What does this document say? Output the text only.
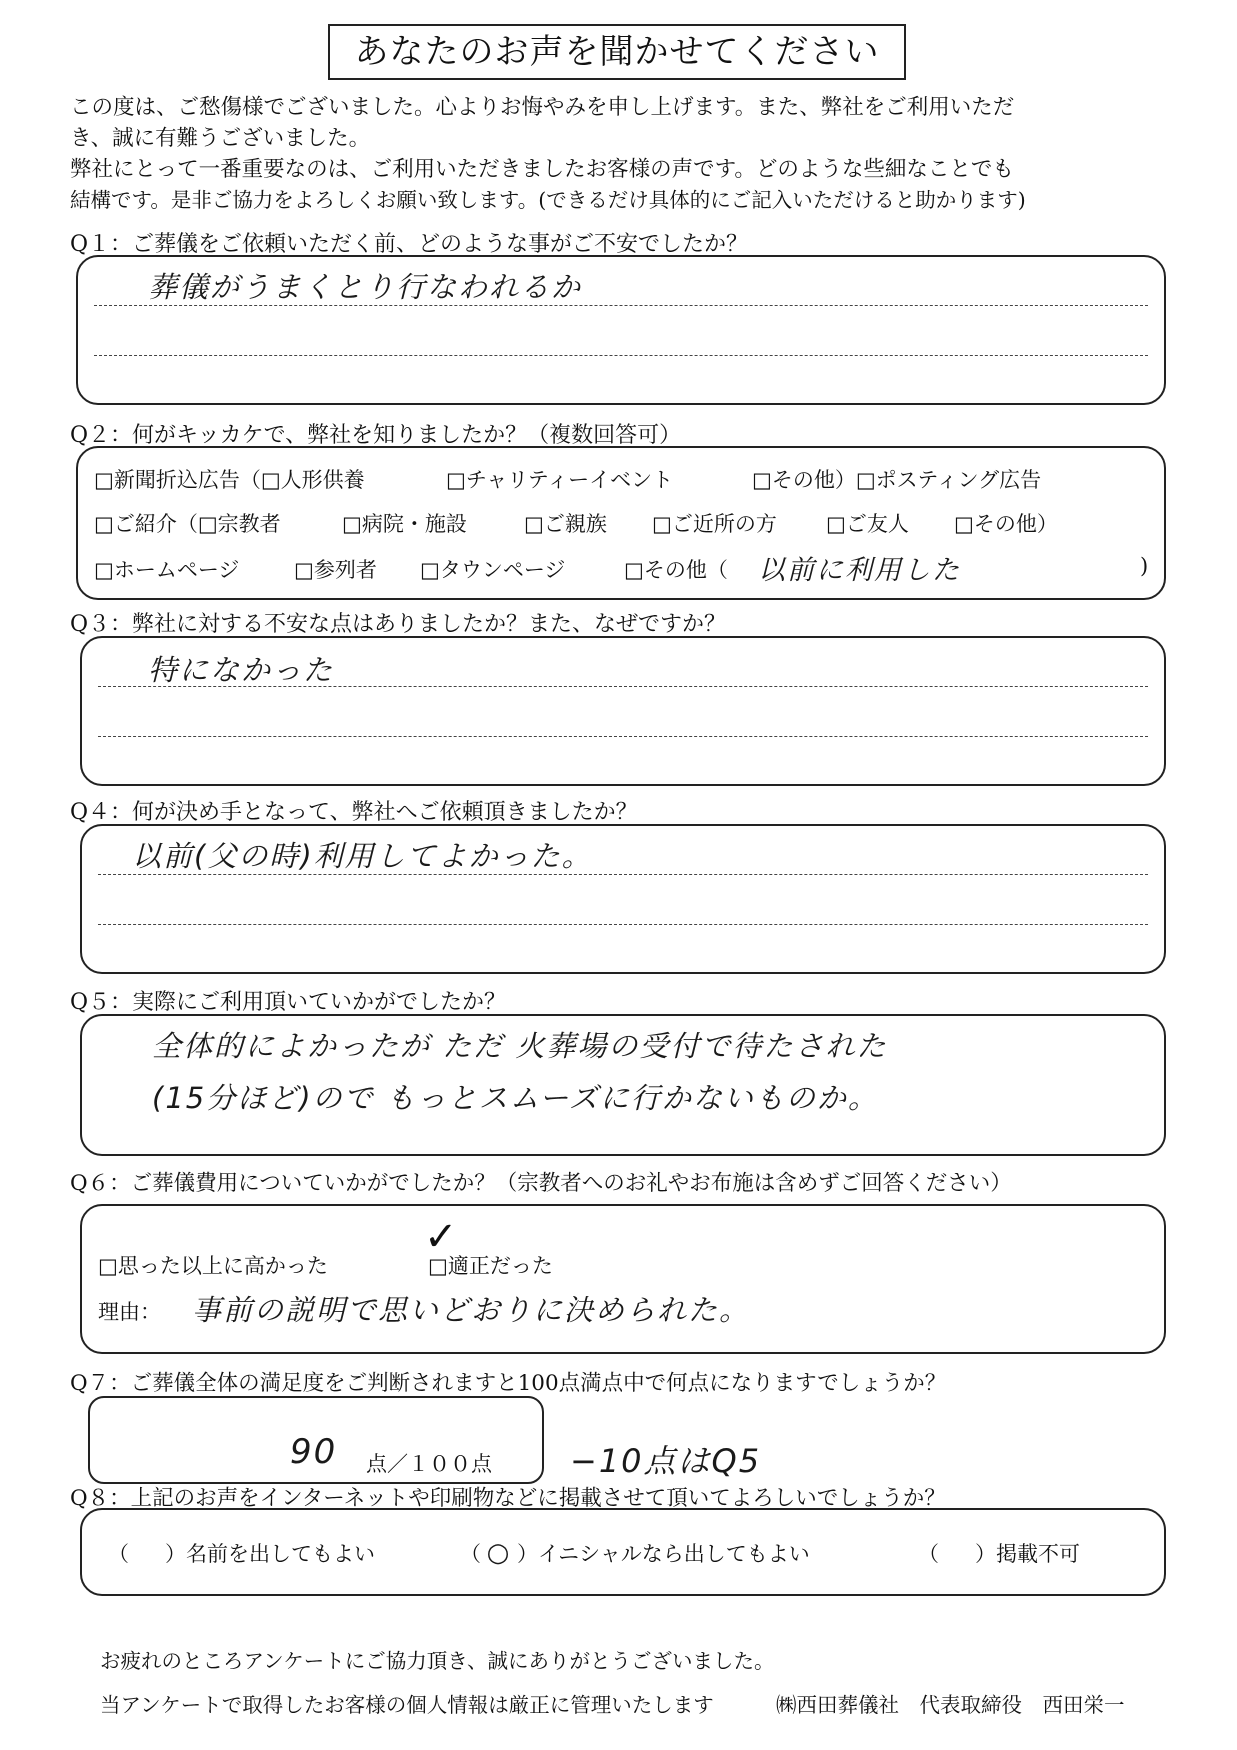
あなたのお声を聞かせてください
この度は、ご愁傷様でございました。心よりお悔やみを申し上げます。また、弊社をご利用いただ
き、誠に有難うございました。
弊社にとって一番重要なのは、ご利用いただきましたお客様の声です。どのような些細なことでも
結構です。是非ご協力をよろしくお願い致します。(できるだけ具体的にご記入いただけると助かります)
Q１：ご葬儀をご依頼いただく前、どのような事がご不安でしたか？
葬儀がうまくとり行なわれるか
Q２：何がキッカケで、弊社を知りましたか？（複数回答可）
□新聞折込広告（□人形供養	□チャリティーイベント	□その他）□ポスティング広告
□ご紹介（□宗教者	□病院・施設	□ご親族 □ご近所の方 □ご友人 □その他）
□ホームページ	□参列者 □タウンページ	□その他（ 以前に利用した	)
Q３：弊社に対する不安な点はありましたか？また、なぜですか？
特になかった
Q４：何が決め手となって、弊社へご依頼頂きましたか？
以前(父の時)利用してよかった。
Q５：実際にご利用頂いていかがでしたか？
全体的によかったが ただ 火葬場の受付で待たされた
(15分ほど)ので もっとスムーズに行かないものか。
Q６：ご葬儀費用についていかがでしたか？（宗教者へのお礼やお布施は含めずご回答ください）
□思った以上に高かった	□適正だった
✓
理由： 事前の説明で思いどおりに決められた。
Q７：ご葬儀全体の満足度をご判断されますと100点満点中で何点になりますでしょうか？
90 点／１００点 −10点はQ5
Q８：上記のお声をインターネットや印刷物などに掲載させて頂いてよろしいでしょうか？
（ ）名前を出してもよい	（ ○ ）イニシャルなら出してもよい	（ ）掲載不可
お疲れのところアンケートにご協力頂き、誠にありがとうございました。
当アンケートで取得したお客様の個人情報は厳正に管理いたします	㈱西田葬儀社　代表取締役　西田栄一
